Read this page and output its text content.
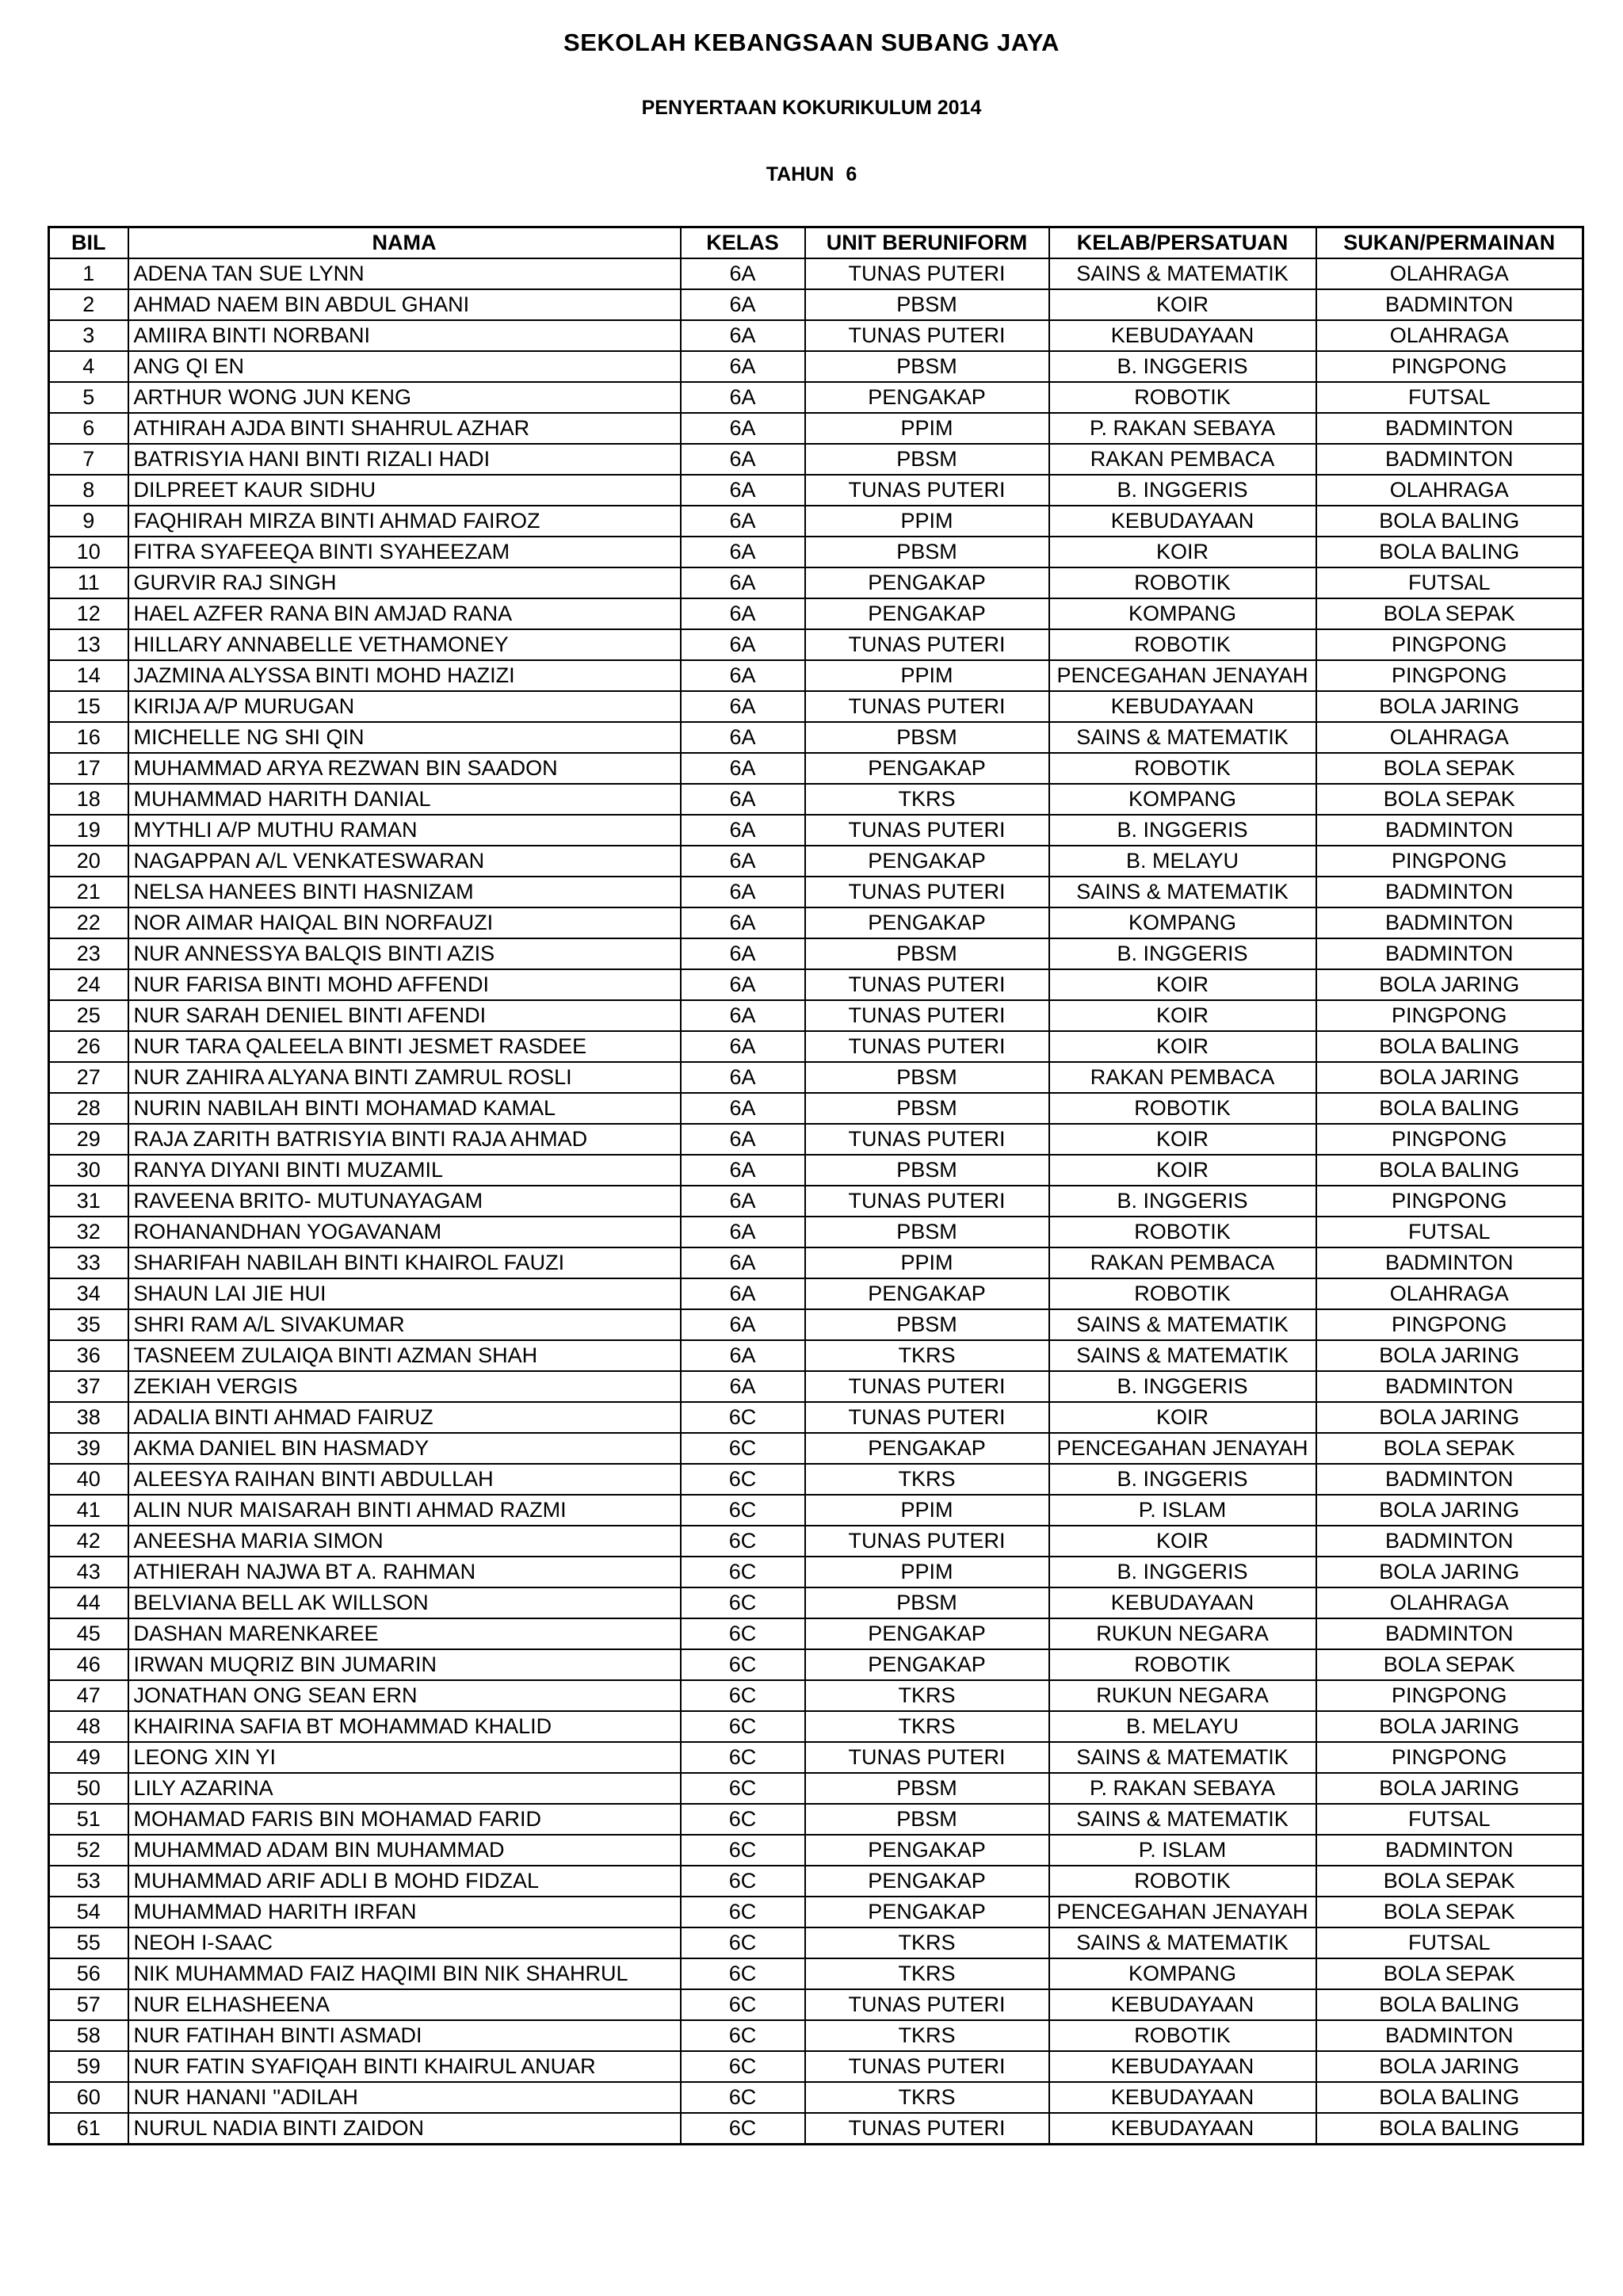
SEKOLAH KEBANGSAAN SUBANG JAYA
PENYERTAAN KOKURIKULUM 2014
TAHUN 6
BIL	NAMA	KELAS	UNIT BERUNIFORM	KELAB/PERSATUAN	SUKAN/PERMAINAN
1	ADENA TAN SUE LYNN	6A	TUNAS PUTERI	SAINS & MATEMATIK	OLAHRAGA
2	AHMAD NAEM BIN ABDUL GHANI	6A	PBSM	KOIR	BADMINTON
3	AMIIRA BINTI NORBANI	6A	TUNAS PUTERI	KEBUDAYAAN	OLAHRAGA
4	ANG QI EN	6A	PBSM	B. INGGERIS	PINGPONG
5	ARTHUR WONG JUN KENG	6A	PENGAKAP	ROBOTIK	FUTSAL
6	ATHIRAH AJDA BINTI SHAHRUL AZHAR	6A	PPIM	P. RAKAN SEBAYA	BADMINTON
7	BATRISYIA HANI BINTI RIZALI HADI	6A	PBSM	RAKAN PEMBACA	BADMINTON
8	DILPREET KAUR SIDHU	6A	TUNAS PUTERI	B. INGGERIS	OLAHRAGA
9	FAQHIRAH MIRZA BINTI AHMAD FAIROZ	6A	PPIM	KEBUDAYAAN	BOLA BALING
10	FITRA SYAFEEQA BINTI SYAHEEZAM	6A	PBSM	KOIR	BOLA BALING
11	GURVIR RAJ SINGH	6A	PENGAKAP	ROBOTIK	FUTSAL
12	HAEL AZFER RANA BIN AMJAD RANA	6A	PENGAKAP	KOMPANG	BOLA SEPAK
13	HILLARY ANNABELLE VETHAMONEY	6A	TUNAS PUTERI	ROBOTIK	PINGPONG
14	JAZMINA ALYSSA BINTI MOHD HAZIZI	6A	PPIM	PENCEGAHAN JENAYAH	PINGPONG
15	KIRIJA A/P MURUGAN	6A	TUNAS PUTERI	KEBUDAYAAN	BOLA JARING
16	MICHELLE NG SHI QIN	6A	PBSM	SAINS & MATEMATIK	OLAHRAGA
17	MUHAMMAD ARYA REZWAN BIN SAADON	6A	PENGAKAP	ROBOTIK	BOLA SEPAK
18	MUHAMMAD HARITH DANIAL	6A	TKRS	KOMPANG	BOLA SEPAK
19	MYTHLI A/P MUTHU RAMAN	6A	TUNAS PUTERI	B. INGGERIS	BADMINTON
20	NAGAPPAN A/L VENKATESWARAN	6A	PENGAKAP	B. MELAYU	PINGPONG
21	NELSA HANEES BINTI HASNIZAM	6A	TUNAS PUTERI	SAINS & MATEMATIK	BADMINTON
22	NOR AIMAR HAIQAL BIN NORFAUZI	6A	PENGAKAP	KOMPANG	BADMINTON
23	NUR ANNESSYA BALQIS BINTI AZIS	6A	PBSM	B. INGGERIS	BADMINTON
24	NUR FARISA BINTI MOHD AFFENDI	6A	TUNAS PUTERI	KOIR	BOLA JARING
25	NUR SARAH DENIEL BINTI AFENDI	6A	TUNAS PUTERI	KOIR	PINGPONG
26	NUR TARA QALEELA BINTI JESMET RASDEE	6A	TUNAS PUTERI	KOIR	BOLA BALING
27	NUR ZAHIRA ALYANA BINTI ZAMRUL ROSLI	6A	PBSM	RAKAN PEMBACA	BOLA JARING
28	NURIN NABILAH BINTI MOHAMAD KAMAL	6A	PBSM	ROBOTIK	BOLA BALING
29	RAJA ZARITH BATRISYIA BINTI RAJA AHMAD	6A	TUNAS PUTERI	KOIR	PINGPONG
30	RANYA DIYANI BINTI MUZAMIL	6A	PBSM	KOIR	BOLA BALING
31	RAVEENA BRITO- MUTUNAYAGAM	6A	TUNAS PUTERI	B. INGGERIS	PINGPONG
32	ROHANANDHAN YOGAVANAM	6A	PBSM	ROBOTIK	FUTSAL
33	SHARIFAH NABILAH BINTI KHAIROL FAUZI	6A	PPIM	RAKAN PEMBACA	BADMINTON
34	SHAUN LAI JIE HUI	6A	PENGAKAP	ROBOTIK	OLAHRAGA
35	SHRI RAM A/L SIVAKUMAR	6A	PBSM	SAINS & MATEMATIK	PINGPONG
36	TASNEEM ZULAIQA BINTI AZMAN SHAH	6A	TKRS	SAINS & MATEMATIK	BOLA JARING
37	ZEKIAH VERGIS	6A	TUNAS PUTERI	B. INGGERIS	BADMINTON
38	ADALIA BINTI AHMAD FAIRUZ	6C	TUNAS PUTERI	KOIR	BOLA JARING
39	AKMA DANIEL BIN HASMADY	6C	PENGAKAP	PENCEGAHAN JENAYAH	BOLA SEPAK
40	ALEESYA RAIHAN BINTI ABDULLAH	6C	TKRS	B. INGGERIS	BADMINTON
41	ALIN NUR MAISARAH BINTI AHMAD RAZMI	6C	PPIM	P. ISLAM	BOLA JARING
42	ANEESHA MARIA SIMON	6C	TUNAS PUTERI	KOIR	BADMINTON
43	ATHIERAH NAJWA BT A. RAHMAN	6C	PPIM	B. INGGERIS	BOLA JARING
44	BELVIANA BELL AK WILLSON	6C	PBSM	KEBUDAYAAN	OLAHRAGA
45	DASHAN MARENKAREE	6C	PENGAKAP	RUKUN NEGARA	BADMINTON
46	IRWAN MUQRIZ BIN JUMARIN	6C	PENGAKAP	ROBOTIK	BOLA SEPAK
47	JONATHAN ONG SEAN ERN	6C	TKRS	RUKUN NEGARA	PINGPONG
48	KHAIRINA SAFIA BT MOHAMMAD KHALID	6C	TKRS	B. MELAYU	BOLA JARING
49	LEONG XIN YI	6C	TUNAS PUTERI	SAINS & MATEMATIK	PINGPONG
50	LILY AZARINA	6C	PBSM	P. RAKAN SEBAYA	BOLA JARING
51	MOHAMAD FARIS BIN MOHAMAD FARID	6C	PBSM	SAINS & MATEMATIK	FUTSAL
52	MUHAMMAD ADAM BIN MUHAMMAD	6C	PENGAKAP	P. ISLAM	BADMINTON
53	MUHAMMAD ARIF ADLI B MOHD FIDZAL	6C	PENGAKAP	ROBOTIK	BOLA SEPAK
54	MUHAMMAD HARITH IRFAN	6C	PENGAKAP	PENCEGAHAN JENAYAH	BOLA SEPAK
55	NEOH I-SAAC	6C	TKRS	SAINS & MATEMATIK	FUTSAL
56	NIK MUHAMMAD FAIZ HAQIMI BIN NIK SHAHRUL	6C	TKRS	KOMPANG	BOLA SEPAK
57	NUR ELHASHEENA	6C	TUNAS PUTERI	KEBUDAYAAN	BOLA BALING
58	NUR FATIHAH BINTI ASMADI	6C	TKRS	ROBOTIK	BADMINTON
59	NUR FATIN SYAFIQAH BINTI KHAIRUL ANUAR	6C	TUNAS PUTERI	KEBUDAYAAN	BOLA JARING
60	NUR HANANI ''ADILAH	6C	TKRS	KEBUDAYAAN	BOLA BALING
61	NURUL NADIA BINTI ZAIDON	6C	TUNAS PUTERI	KEBUDAYAAN	BOLA BALING
